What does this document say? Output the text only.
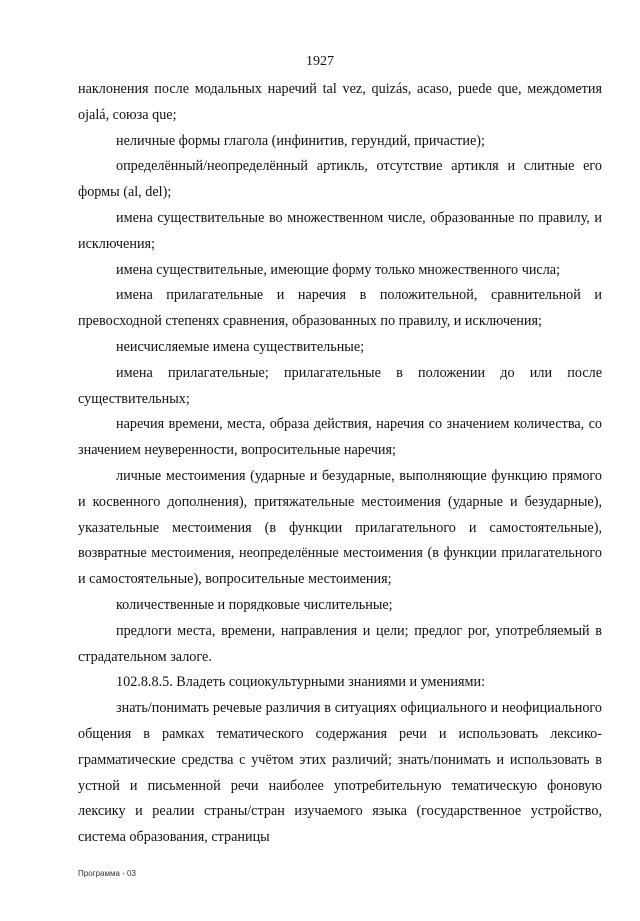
1927

наклонения после модальных наречий tal vez, quizás, acaso, puede que, междометия ojalá, союза que;

неличные формы глагола (инфинитив, герундий, причастие);

определённый/неопределённый артикль, отсутствие артикля и слитные его формы (al, del);

имена существительные во множественном числе, образованные по правилу, и исключения;

имена существительные, имеющие форму только множественного числа;

имена прилагательные и наречия в положительной, сравнительной и превосходной степенях сравнения, образованных по правилу, и исключения;

неисчисляемые имена существительные;

имена прилагательные; прилагательные в положении до или после существительных;

наречия времени, места, образа действия, наречия со значением количества, со значением неуверенности, вопросительные наречия;

личные местоимения (ударные и безударные, выполняющие функцию прямого и косвенного дополнения), притяжательные местоимения (ударные и безударные), указательные местоимения (в функции прилагательного и самостоятельные), возвратные местоимения, неопределённые местоимения (в функции прилагательного и самостоятельные), вопросительные местоимения;

количественные и порядковые числительные;

предлоги места, времени, направления и цели; предлог por, употребляемый в страдательном залоге.

102.8.8.5. Владеть социокультурными знаниями и умениями:

знать/понимать речевые различия в ситуациях официального и неофициального общения в рамках тематического содержания речи и использовать лексико-грамматические средства с учётом этих различий; знать/понимать и использовать в устной и письменной речи наиболее употребительную тематическую фоновую лексику и реалии страны/стран изучаемого языка (государственное устройство, система образования, страницы

Программа - 03
